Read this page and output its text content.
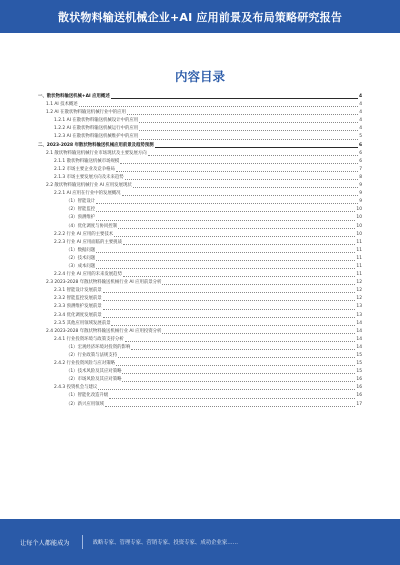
散状物料输送机械企业+AI 应用前景及布局策略研究报告
内容目录
一、散状物料输送机械+AI 应用概述	4
1.1 AI 技术概述	4
1.2 AI 在散状物料输送机械行业中的应用	4
1.2.1 AI 在散状物料输送机械设计中的应用	4
1.2.2 AI 在散状物料输送机械运行中的应用	4
1.2.3 AI 在散状物料输送机械维护中的应用	5
二、2023-2028 年散状物料输送机械应用前景及趋势预测	6
2.1 散状物料输送机械行业市场现状及主要发展方向	6
2.1.1 散状物料输送机械市场规模	6
2.1.2 市场主要企业及竞争格局	7
2.1.3 市场主要发展方向及未来趋势	8
2.2 散状物料输送机械行业 AI 应用发展现状	9
2.2.1 AI 应用在行业中的发展概况	9
（1）智能设计	9
（2）智能监控	10
（3）预测维护	10
（4）优化调度与协同控制	10
2.2.2 行业 AI 应用的主要技术	10
2.2.3 行业 AI 应用面临的主要挑战	11
（1）数据问题	11
（2）技术问题	11
（3）成本问题	11
2.2.4 行业 AI 应用的未来发展趋势	11
2.3 2023-2028 年散状物料输送机械行业 AI 应用前景分析	12
2.3.1 智能设计发展前景	12
2.3.2 智能监控发展前景	12
2.3.3 预测维护发展前景	13
2.3.4 优化调度发展前景	13
2.3.5 其他应用领域发展前景	14
2.4 2023-2028 年散状物料输送机械行业 AI 应用投资分析	14
2.4.1 行业投资环境与政策支持分析	14
（1）宏观经济环境对投资的影响	14
（2）行业政策与法规支持	15
2.4.2 行业投资风险与应对策略	15
（1）技术风险及其应对策略	15
（2）市场风险及其应对策略	16
2.4.3 投资机会与建议	16
（1）智能化改造升级	16
（2）新兴应用领域	17
让每个人都能成为	战略专家、管理专家、营销专家、投资专家、成功企业家……
